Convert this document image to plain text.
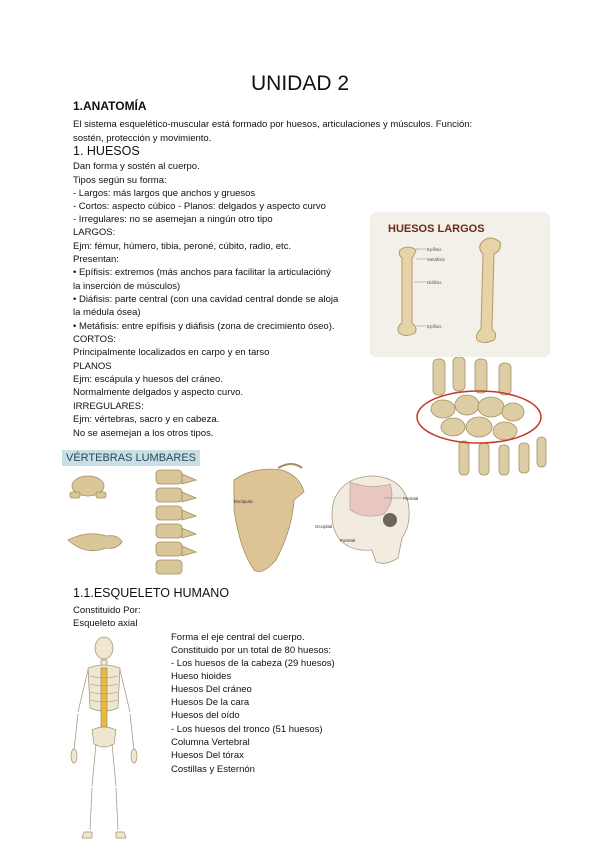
UNIDAD 2
1.ANATOMÍA
El sistema esquelético-muscular está formado por huesos, articulaciones y músculos. Función:
sostén, protección y movimiento.
1. HUESOS
Dan forma y sostén al cuerpo.
Tipos según su forma:
- Largos: más largos que anchos y gruesos
- Cortos: aspecto cúbico - Planos: delgados y aspecto curvo
- Irregulares: no se asemejan a ningún otro tipo
LARGOS:
Ejm: fémur, húmero, tibia, peroné, cúbito, radio, etc.
Presentan:
• Epífisis: extremos (más anchos para facilitar la articulacióný
la inserción de músculos)
• Diáfisis: parte central (con una cavidad central donde se aloja
la médula ósea)
• Metáfisis: entre epífisis y diáfisis (zona de crecimiento óseo).
CORTOS:
Principalmente localizados en carpo y en tarso
PLANOS
Ejm: escápula y huesos del cráneo.
Normalmente delgados y aspecto curvo.
IRREGULARES:
Ejm: vértebras, sacro y en cabeza.
No se asemejan a los otros tipos.
HUESOS LARGOS
Epífisis
Metáfisis
Diáfisis
Epífisis
VÉRTEBRAS LUMBARES
Escápula
Parietal
Occipital
Parietal
1.1.ESQUELETO HUMANO
Constituido Por:
Esqueleto axial
Forma el eje central del cuerpo.
Constituido por un total de 80 huesos:
- Los huesos de la cabeza (29 huesos)
Hueso hioides
Huesos Del cráneo
Huesos De la cara
Huesos del oído
- Los huesos del tronco (51 huesos)
Columna Vertebral
Huesos Del tórax
Costillas y Esternón
